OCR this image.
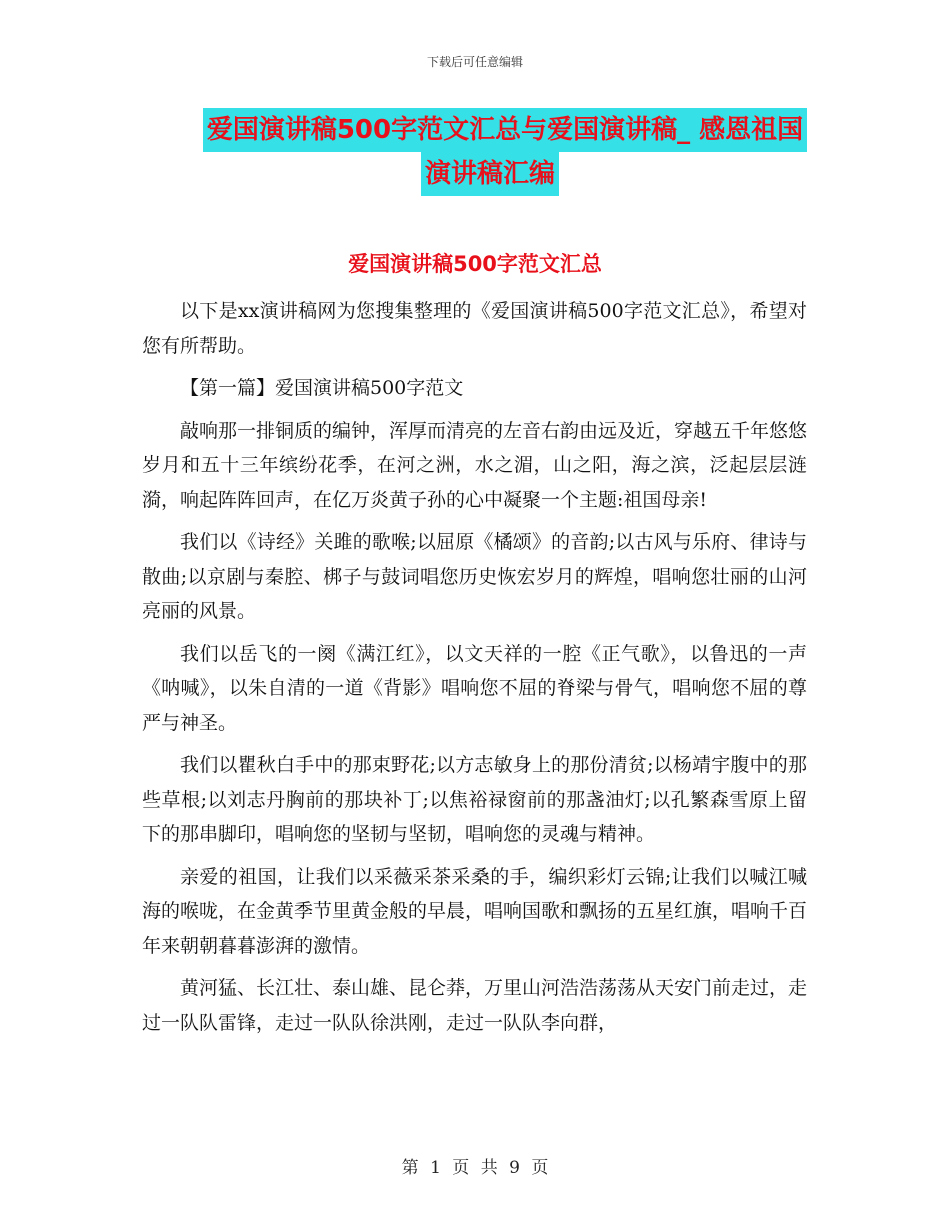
下载后可任意编辑
爱国演讲稿500字范文汇总与爱国演讲稿_ 感恩祖国
演讲稿汇编
爱国演讲稿500字范文汇总

以下是xx演讲稿网为您搜集整理的《爱国演讲稿500字范文汇总》，希望对您有所帮助。

【第一篇】爱国演讲稿500字范文

敲响那一排铜质的编钟，浑厚而清亮的左音右韵由远及近，穿越五千年悠悠岁月和五十三年缤纷花季，在河之洲，水之湄，山之阳，海之滨，泛起层层涟漪，响起阵阵回声，在亿万炎黄子孙的心中凝聚一个主题:祖国母亲!

我们以《诗经》关雎的歌喉;以屈原《橘颂》的音韵;以古风与乐府、律诗与散曲;以京剧与秦腔、梆子与鼓词唱您历史恢宏岁月的辉煌，唱响您壮丽的山河亮丽的风景。

我们以岳飞的一阕《满江红》，以文天祥的一腔《正气歌》，以鲁迅的一声《呐喊》，以朱自清的一道《背影》唱响您不屈的脊梁与骨气，唱响您不屈的尊严与神圣。

我们以瞿秋白手中的那束野花;以方志敏身上的那份清贫;以杨靖宇腹中的那些草根;以刘志丹胸前的那块补丁;以焦裕禄窗前的那盏油灯;以孔繁森雪原上留下的那串脚印，唱响您的坚韧与坚韧，唱响您的灵魂与精神。

亲爱的祖国，让我们以采薇采茶采桑的手，编织彩灯云锦;让我们以喊江喊海的喉咙，在金黄季节里黄金般的早晨，唱响国歌和飘扬的五星红旗，唱响千百年来朝朝暮暮澎湃的激情。

黄河猛、长江壮、泰山雄、昆仑莽，万里山河浩浩荡荡从天安门前走过，走过一队队雷锋，走过一队队徐洪刚，走过一队队李向群，

第 1 页 共 9 页
